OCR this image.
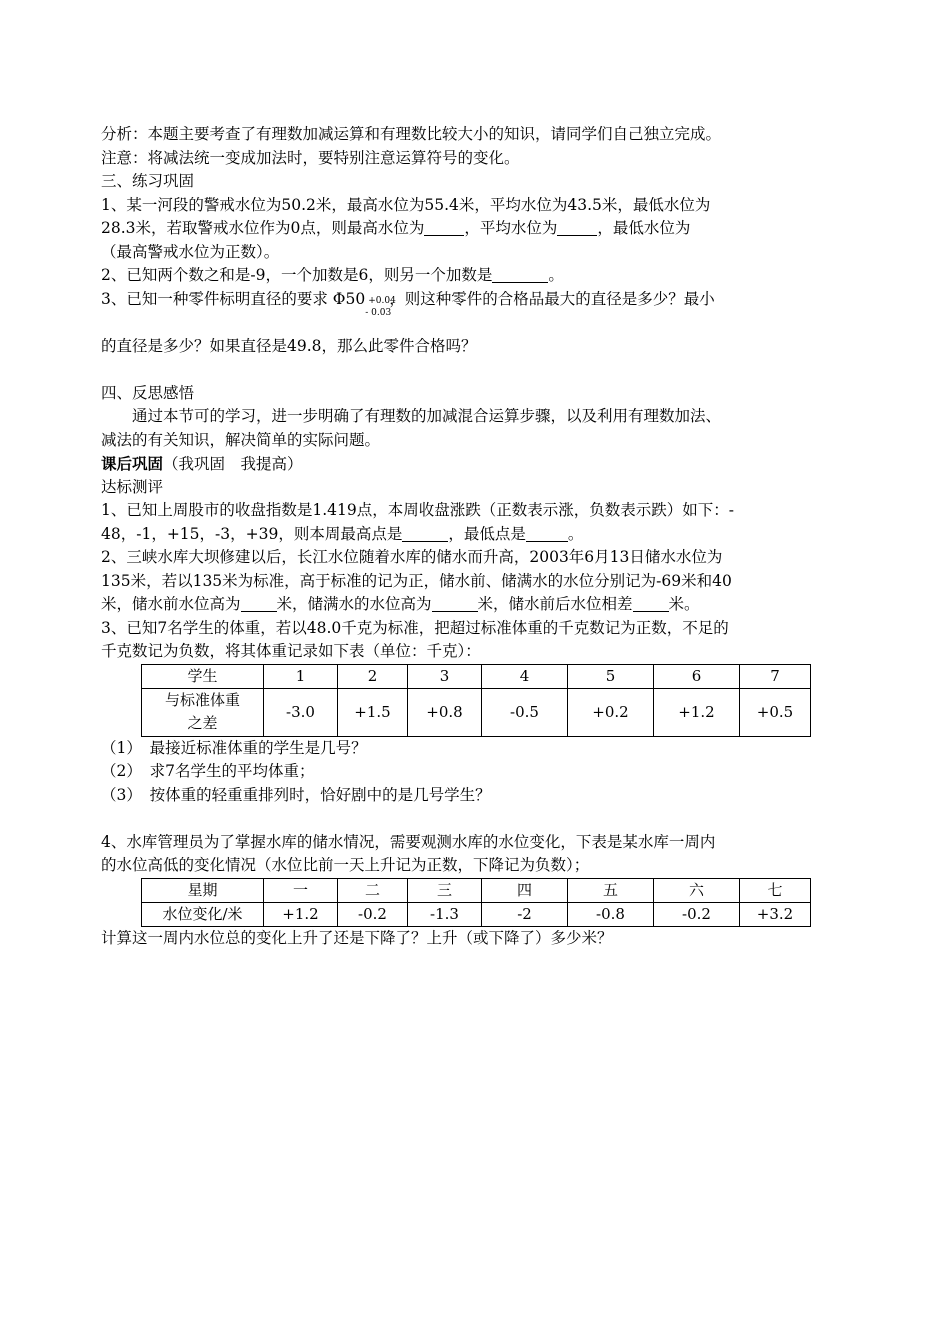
分析：本题主要考查了有理数加减运算和有理数比较大小的知识，请同学们自己独立完成。
注意：将减法统一变成加法时，要特别注意运算符号的变化。
三、练习巩固
1、某一河段的警戒水位为50.2米，最高水位为55.4米，平均水位为43.5米，最低水位为
28.3米，若取警戒水位作为0点，则最高水位为	，平均水位为	，最低水位为
（最高警戒水位为正数）。
2、已知两个数之和是-9，一个加数是6，则另一个加数是	。
3、已知一种零件标明直径的要求 Φ50 +0.04
- 0.03
，则这种零件的合格品最大的直径是多少？最小
的直径是多少？如果直径是49.8，那么此零件合格吗？
四、反思感悟
通过本节可的学习，进一步明确了有理数的加减混合运算步骤，以及利用有理数加法、
减法的有关知识，解决简单的实际问题。
课后巩固（我巩固　我提高）
达标测评
1、已知上周股市的收盘指数是1.419点，本周收盘涨跌（正数表示涨，负数表示跌）如下：-
48，-1，+15，-3，+39，则本周最高点是	，最低点是	。
2、三峡水库大坝修建以后，长江水位随着水库的储水而升高，2003年6月13日储水水位为
135米，若以135米为标准，高于标准的记为正，储水前、储满水的水位分别记为-69米和40
米，储水前水位高为 米，储满水的水位高为	米，储水前后水位相差 米。
3、已知7名学生的体重，若以48.0千克为标准，把超过标准体重的千克数记为正数，不足的
千克数记为负数，将其体重记录如下表（单位：千克）：
学生	1	2	3	4	5	6	7

与标准体重
之差	-3.0	+1.5	+0.8	-0.5	+0.2	+1.2	+0.5
（1）　最接近标准体重的学生是几号？
（2）　求7名学生的平均体重；
（3）　按体重的轻重重排列时，恰好剧中的是几号学生？
4、水库管理员为了掌握水库的储水情况，需要观测水库的水位变化，下表是某水库一周内
的水位高低的变化情况（水位比前一天上升记为正数，下降记为负数）；
星期	一	二	三	四	五	六	七
水位变化/米	+1.2	-0.2	-1.3	-2	-0.8	-0.2	+3.2
计算这一周内水位总的变化上升了还是下降了？上升（或下降了）多少米？
